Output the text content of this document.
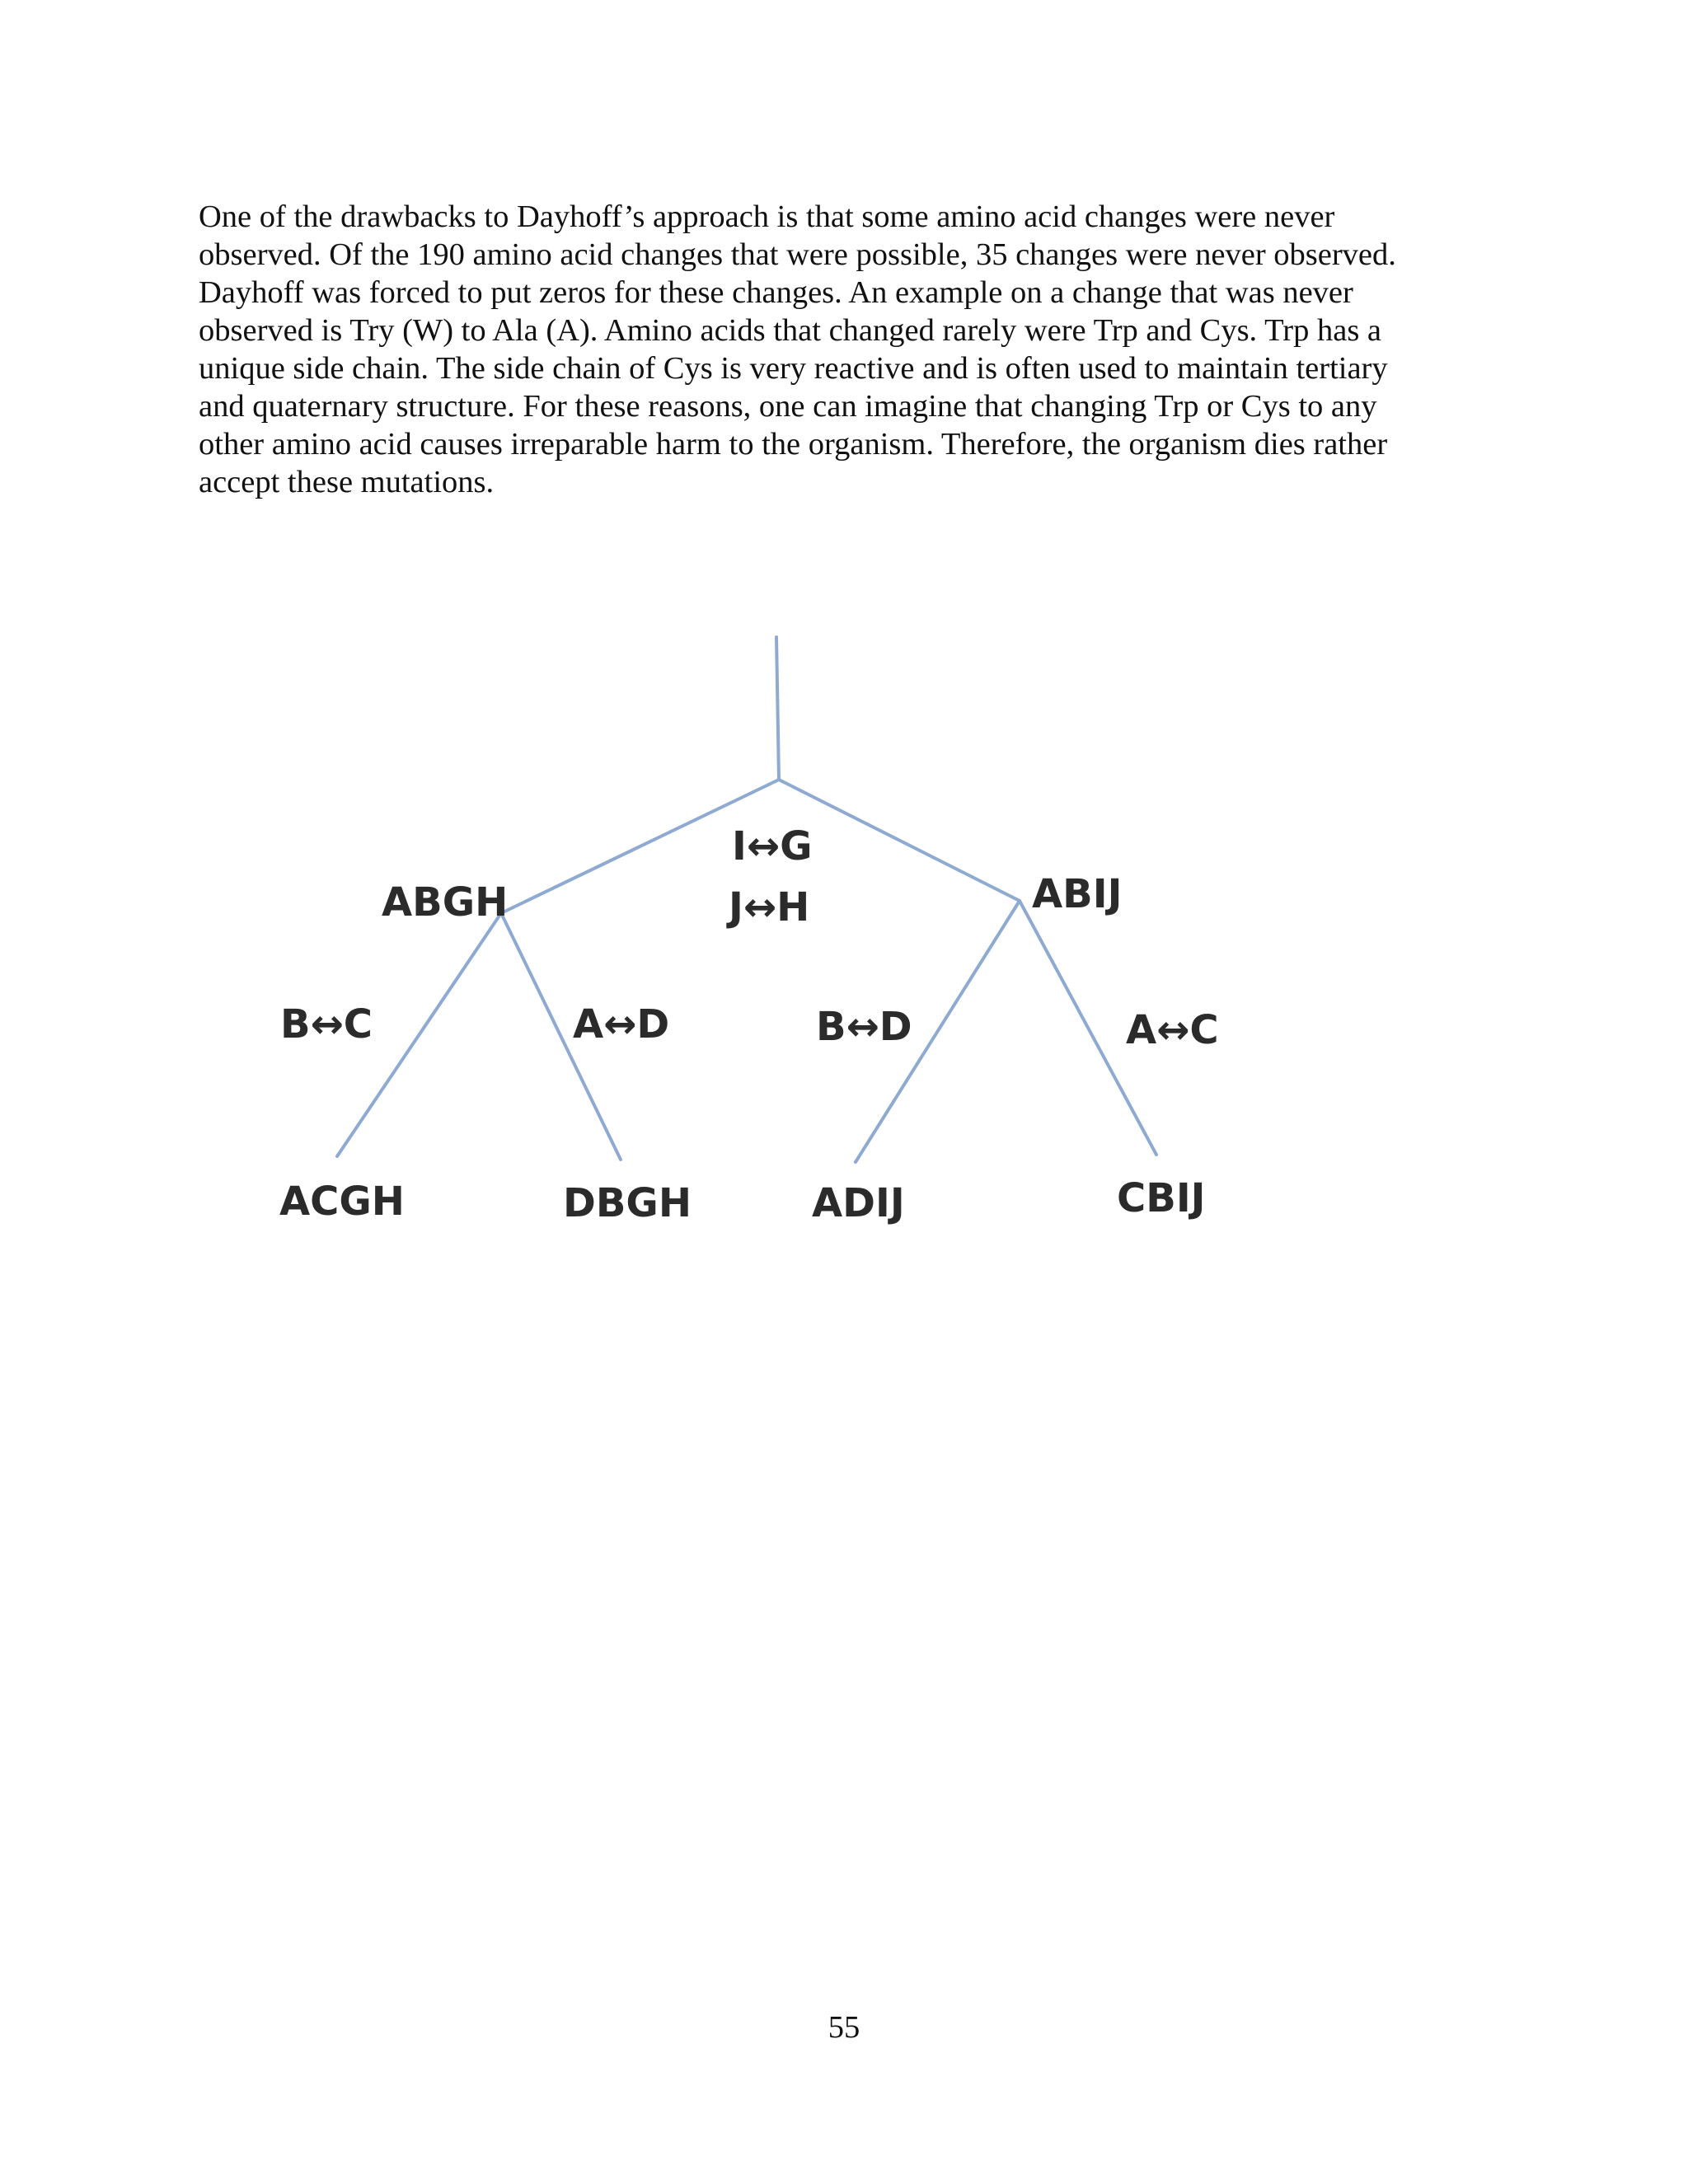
One of the drawbacks to Dayhoff’s approach is that some amino acid changes were never
observed. Of the 190 amino acid changes that were possible, 35 changes were never observed.
Dayhoff was forced to put zeros for these changes. An example on a change that was never
observed is Try (W) to Ala (A). Amino acids that changed rarely were Trp and Cys. Trp has a
unique side chain. The side chain of Cys is very reactive and is often used to maintain tertiary
and quaternary structure. For these reasons, one can imagine that changing Trp or Cys to any
other amino acid causes irreparable harm to the organism. Therefore, the organism dies rather
accept these mutations.
I↔G
J↔H
ABGH	ABIJ
B↔C	A↔D	B↔D	A↔C
ACGH	DBGH	ADIJ	CBIJ
55
